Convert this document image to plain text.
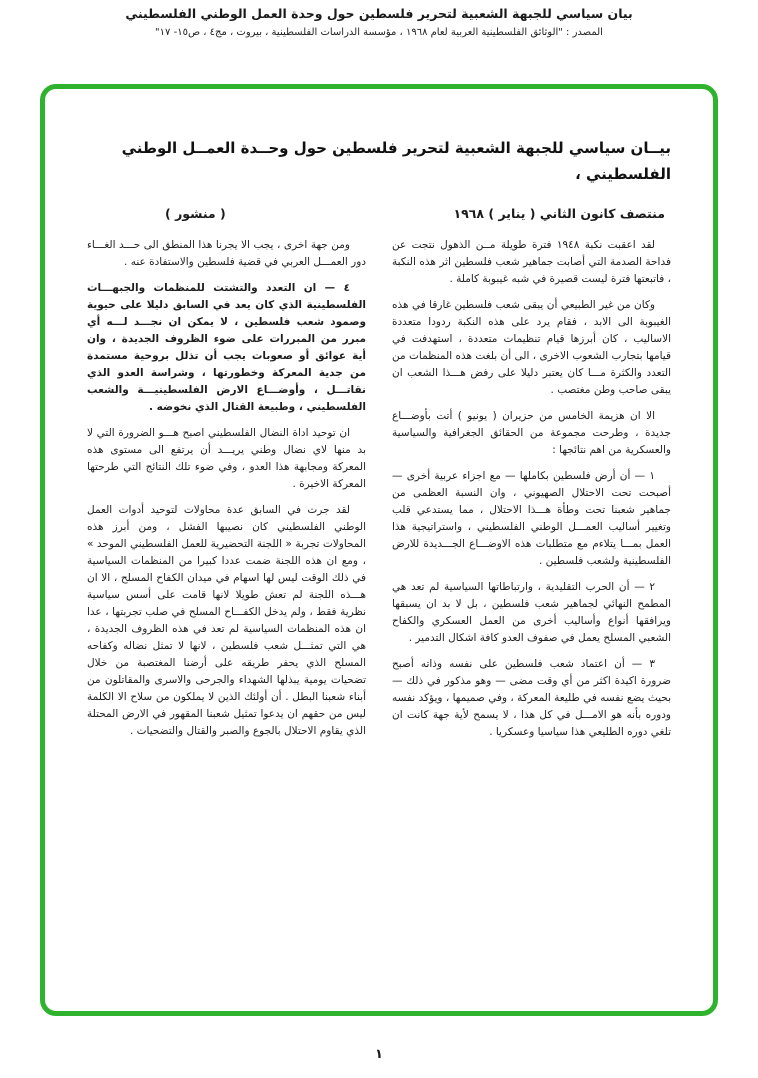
بيان سياسي للجبهة الشعبية لتحرير فلسطين حول وحدة العمل الوطني الفلسطيني
المصدر : "الوثائق الفلسطينية العربية لعام ١٩٦٨ ، مؤسسة الدراسات الفلسطينية ، بيروت ، مج٤ ، ص١٥- ١٧"
بيــان سياسي للجبهة الشعبية لتحرير فلسطين حول وحــدة العمــل الوطني
الفلسطيني ،
منتصف كانون الثاني ( يناير ) ١٩٦٨
( منشور )

لقد اعقبت نكبة ١٩٤٨ فترة طويلة مــن الذهول نتجت عن فداحة الصدمة التي أصابت جماهير شعب فلسطين اثر هذه النكبة ، فاتبعتها فترة ليست قصيرة في شبه غيبوبة كاملة .

وكان من غير الطبيعي أن يبقى شعب فلسطين غارقا في هذه الغيبوبة الى الابد ، فقام يرد على هذه النكبة ردودا متعددة الاساليب ، كان أبرزها قيام تنظيمات متعددة ، استهدفت في قيامها بتجارب الشعوب الاخرى ، الى أن بلغت هذه المنظمات من التعدد والكثرة مـــا كان يعتبر دليلا على رفض هـــذا الشعب ان يبقى صاحب وطن مغتصب .

الا ان هزيمة الخامس من حزيران ( يونيو ) أتت بأوضـــاع جديدة ، وطرحت مجموعة من الحقائق الجغرافية والسياسية والعسكرية من اهم نتائجها :

١ — أن أرض فلسطين بكاملها — مع اجزاء عربية أخرى — أصبحت تحت الاحتلال الصهيوني ، وان النسبة العظمى من جماهير شعبنا تحت وطأة هـــذا الاحتلال ، مما يستدعي قلب وتغيير أساليب العمـــل الوطني الفلسطيني ، واستراتيجية هذا العمل بمـــا يتلاءم مع متطلبات هذه الاوضـــاع الجـــديدة للارض الفلسطينية ولشعب فلسطين .

٢ — أن الحرب التقليدية ، وارتباطاتها السياسية لم تعد هي المطمح النهائي لجماهير شعب فلسطين ، بل لا بد ان يسبقها ويرافقها أنواع وأساليب أخرى من العمل العسكري والكفاح الشعبي المسلح يعمل في صفوف العدو كافة اشكال التدمير .

٣ — أن اعتماد شعب فلسطين على نفسه وذاته أصبح ضرورة اكيدة اكثر من أي وقت مضى — وهو مذكور في ذلك — بحيث يضع نفسه في طليعة المعركة ، وفي صميمها ، ويؤكد نفسه ودوره بأنه هو الامـــل في كل هذا ، لا يسمح لأية جهة كانت ان تلغي دوره الطليعي هذا سياسيا وعسكريا .

ومن جهة اخرى ، يجب الا يجرنا هذا المنطق الى حـــد الغـــاء دور العمـــل العربي في قضية فلسطين والاستفادة عنه .

٤ — ان التعدد والتشتت للمنظمات والجبهـــات الفلسطينية الذي كان يعد في السابق دليلا على حيوية وصمود شعب فلسطين ، لا يمكن ان نجـــد لـــه أي مبرر من المبررات على ضوء الظروف الجديدة ، وان أية عوائق أو صعوبات يجب أن تذلل بروحية مستمدة من جدية المعركة وخطورتها ، وشراسة العدو الذي نقاتـــل ، وأوضـــاع الارض الفلسطينيـــة والشعب الفلسطيني ، وطبيعة القتال الذي نخوضه .

ان توحيد اداة النضال الفلسطيني اصبح هـــو الضرورة التي لا بد منها لاي نضال وطني يريـــد أن يرتفع الى مستوى هذه المعركة ومجابهة هذا العدو ، وفي ضوء تلك النتائج التي طرحتها المعركة الاخيرة .

لقد جرت في السابق عدة محاولات لتوحيد أدوات العمل الوطني الفلسطيني كان نصيبها الفشل ، ومن أبرز هذه المحاولات تجربة « اللجنة التحضيرية للعمل الفلسطيني الموحد » ، ومع ان هذه اللجنة ضمت عددا كبيرا من المنظمات السياسية في ذلك الوقت ليس لها اسهام في ميدان الكفاح المسلح ، الا ان هـــذه اللجنة لم تعش طويلا لانها قامت على أسس سياسية نظرية فقط ، ولم يدخل الكفـــاح المسلح في صلب تجربتها ، عدا ان هذه المنظمات السياسية لم تعد في هذه الظروف الجديدة ، هي التي تمثـــل شعب فلسطين ، لانها لا تمثل نضاله وكفاحه المسلح الذي يحفر طريقه على أرضنا المغتصبة من خلال تضحيات يومية يبذلها الشهداء والجرحى والاسرى والمقاتلون من أبناء شعبنا البطل . أن أولئك الذين لا يملكون من سلاح الا الكلمة ليس من حقهم ان يدعوا تمثيل شعبنا المقهور في الارض المحتلة الذي يقاوم الاحتلال بالجوع والصبر والقتال والتضحيات .

١
